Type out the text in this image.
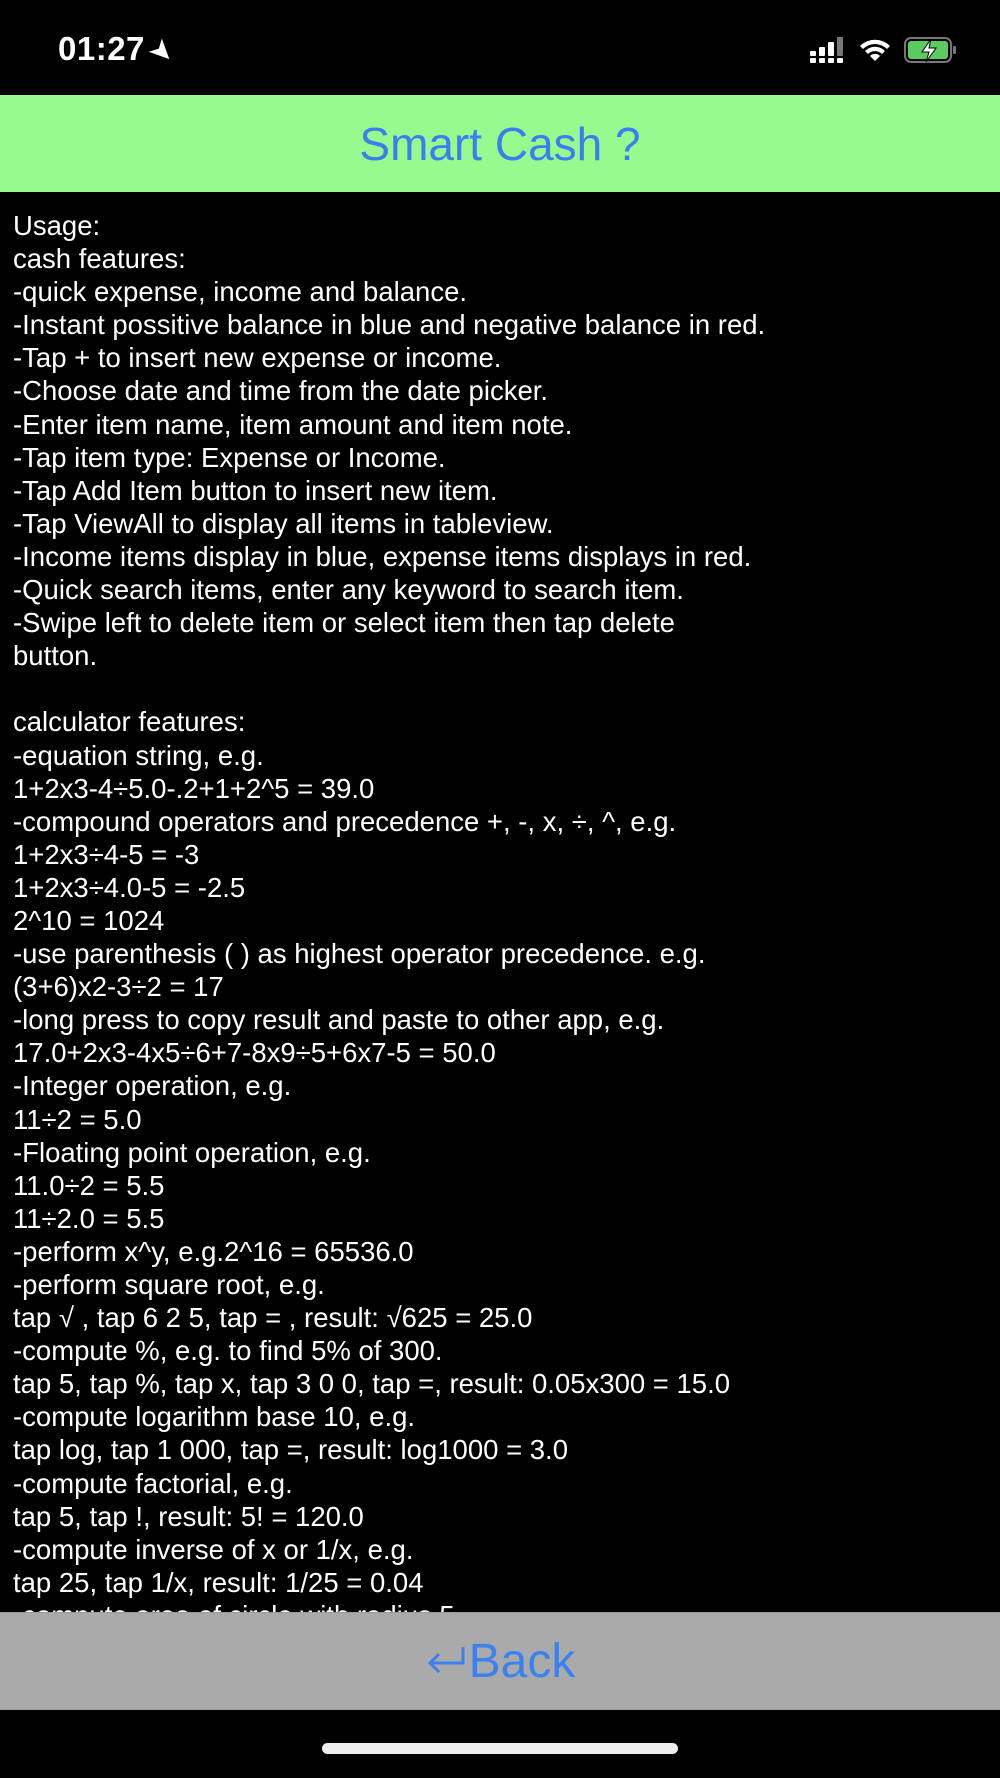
01:27➤
Smart Cash ?
Usage:
cash features:
-quick expense, income and balance.
-Instant possitive balance in blue and negative balance in red.
-Tap + to insert new expense or income.
-Choose date and time from the date picker.
-Enter item name, item amount and item note.
-Tap item type: Expense or Income.
-Tap Add Item button to insert new item.
-Tap ViewAll to display all items in tableview.
-Income items display in blue, expense items displays in red.
-Quick search items, enter any keyword to search item.
-Swipe left to delete item or select item then tap delete
button.
calculator features:
-equation string, e.g.
1+2x3-4÷5.0-.2+1+2^5 = 39.0
-compound operators and precedence +, -, x, ÷, ^, e.g.
1+2x3÷4-5 = -3
1+2x3÷4.0-5 = -2.5
2^10 = 1024
-use parenthesis ( ) as highest operator precedence. e.g.
(3+6)x2-3÷2 = 17
-long press to copy result and paste to other app, e.g.
17.0+2x3-4x5÷6+7-8x9÷5+6x7-5 = 50.0
-Integer operation, e.g.
11÷2 = 5.0
-Floating point operation, e.g.
11.0÷2 = 5.5
11÷2.0 = 5.5
-perform x^y, e.g.2^16 = 65536.0
-perform square root, e.g.
tap √ , tap 6 2 5, tap = , result: √625 = 25.0
-compute %, e.g. to find 5% of 300.
tap 5, tap %, tap x, tap 3 0 0, tap =, result: 0.05x300 = 15.0
-compute logarithm base 10, e.g.
tap log, tap 1 000, tap =, result: log1000 = 3.0
-compute factorial, e.g.
tap 5, tap !, result: 5! = 120.0
-compute inverse of x or 1/x, e.g.
tap 25, tap 1/x, result: 1/25 = 0.04
Back
